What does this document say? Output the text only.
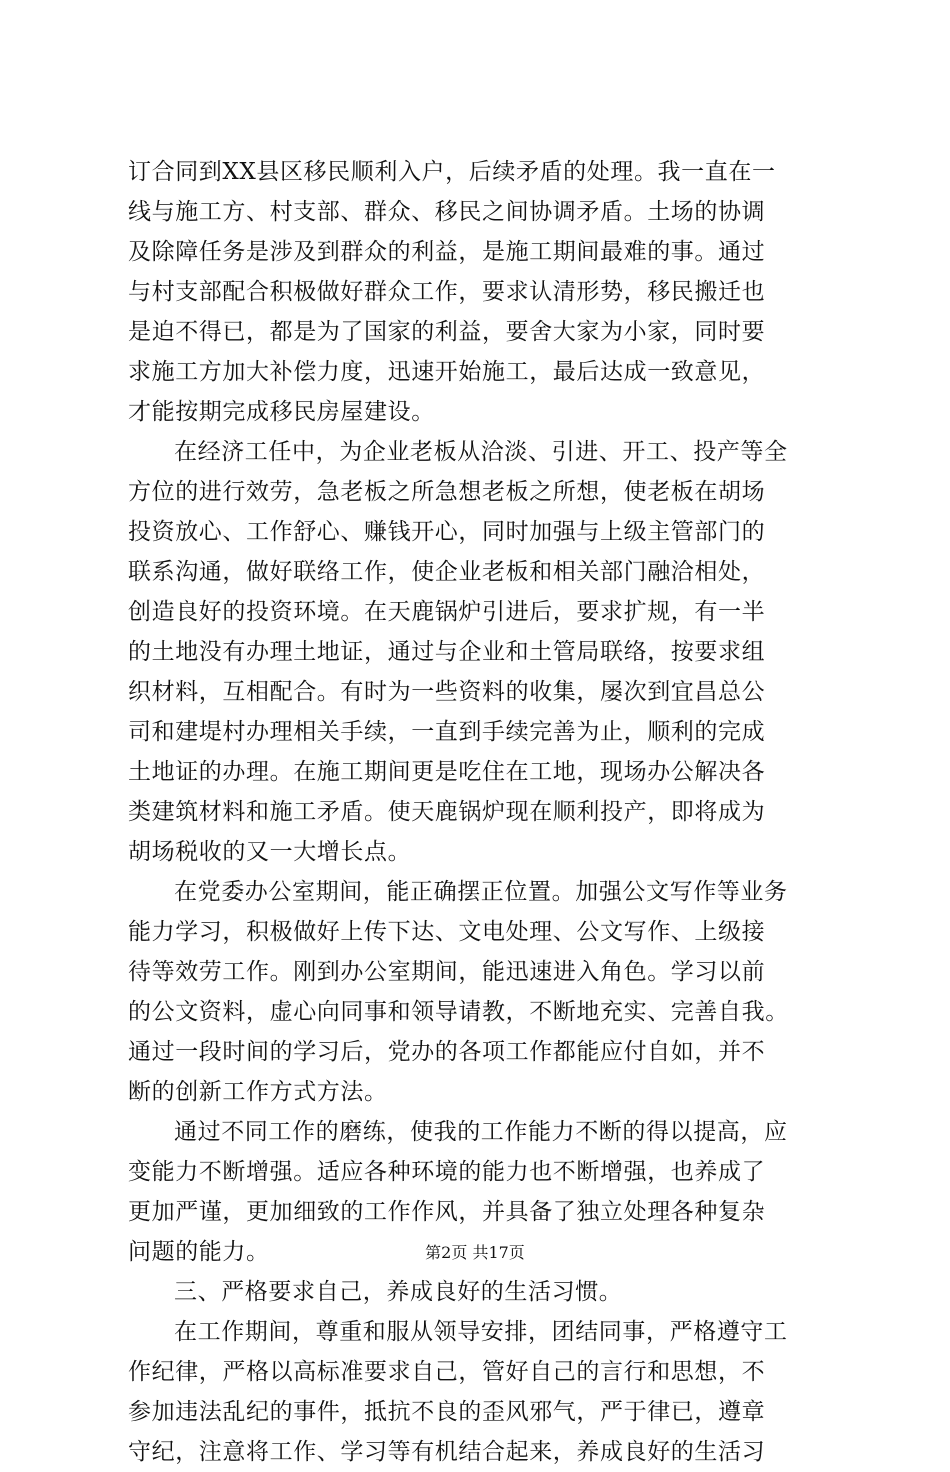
订合同到XX县区移民顺利入户，后续矛盾的处理。我一直在一
线与施工方、村支部、群众、移民之间协调矛盾。土场的协调
及除障任务是涉及到群众的利益，是施工期间最难的事。通过
与村支部配合积极做好群众工作，要求认清形势，移民搬迁也
是迫不得已，都是为了国家的利益，要舍大家为小家，同时要
求施工方加大补偿力度，迅速开始施工，最后达成一致意见，
才能按期完成移民房屋建设。
在经济工任中，为企业老板从洽淡、引进、开工、投产等全
方位的进行效劳，急老板之所急想老板之所想，使老板在胡场
投资放心、工作舒心、赚钱开心，同时加强与上级主管部门的
联系沟通，做好联络工作，使企业老板和相关部门融洽相处，
创造良好的投资环境。在天鹿锅炉引进后，要求扩规，有一半
的土地没有办理土地证，通过与企业和土管局联络，按要求组
织材料，互相配合。有时为一些资料的收集，屡次到宜昌总公
司和建堤村办理相关手续，一直到手续完善为止，顺利的完成
土地证的办理。在施工期间更是吃住在工地，现场办公解决各
类建筑材料和施工矛盾。使天鹿锅炉现在顺利投产，即将成为
胡场税收的又一大增长点。
在党委办公室期间，能正确摆正位置。加强公文写作等业务
能力学习，积极做好上传下达、文电处理、公文写作、上级接
待等效劳工作。刚到办公室期间，能迅速进入角色。学习以前
的公文资料，虚心向同事和领导请教，不断地充实、完善自我。
通过一段时间的学习后，党办的各项工作都能应付自如，并不
断的创新工作方式方法。
通过不同工作的磨练，使我的工作能力不断的得以提高，应
变能力不断增强。适应各种环境的能力也不断增强，也养成了
更加严谨，更加细致的工作作风，并具备了独立处理各种复杂
问题的能力。
三、严格要求自己，养成良好的生活习惯。
在工作期间，尊重和服从领导安排，团结同事，严格遵守工
作纪律，严格以高标准要求自己，管好自己的言行和思想，不
参加违法乱纪的事件，抵抗不良的歪风邪气，严于律已，遵章
守纪，注意将工作、学习等有机结合起来，养成良好的生活习
第2页 共17页
